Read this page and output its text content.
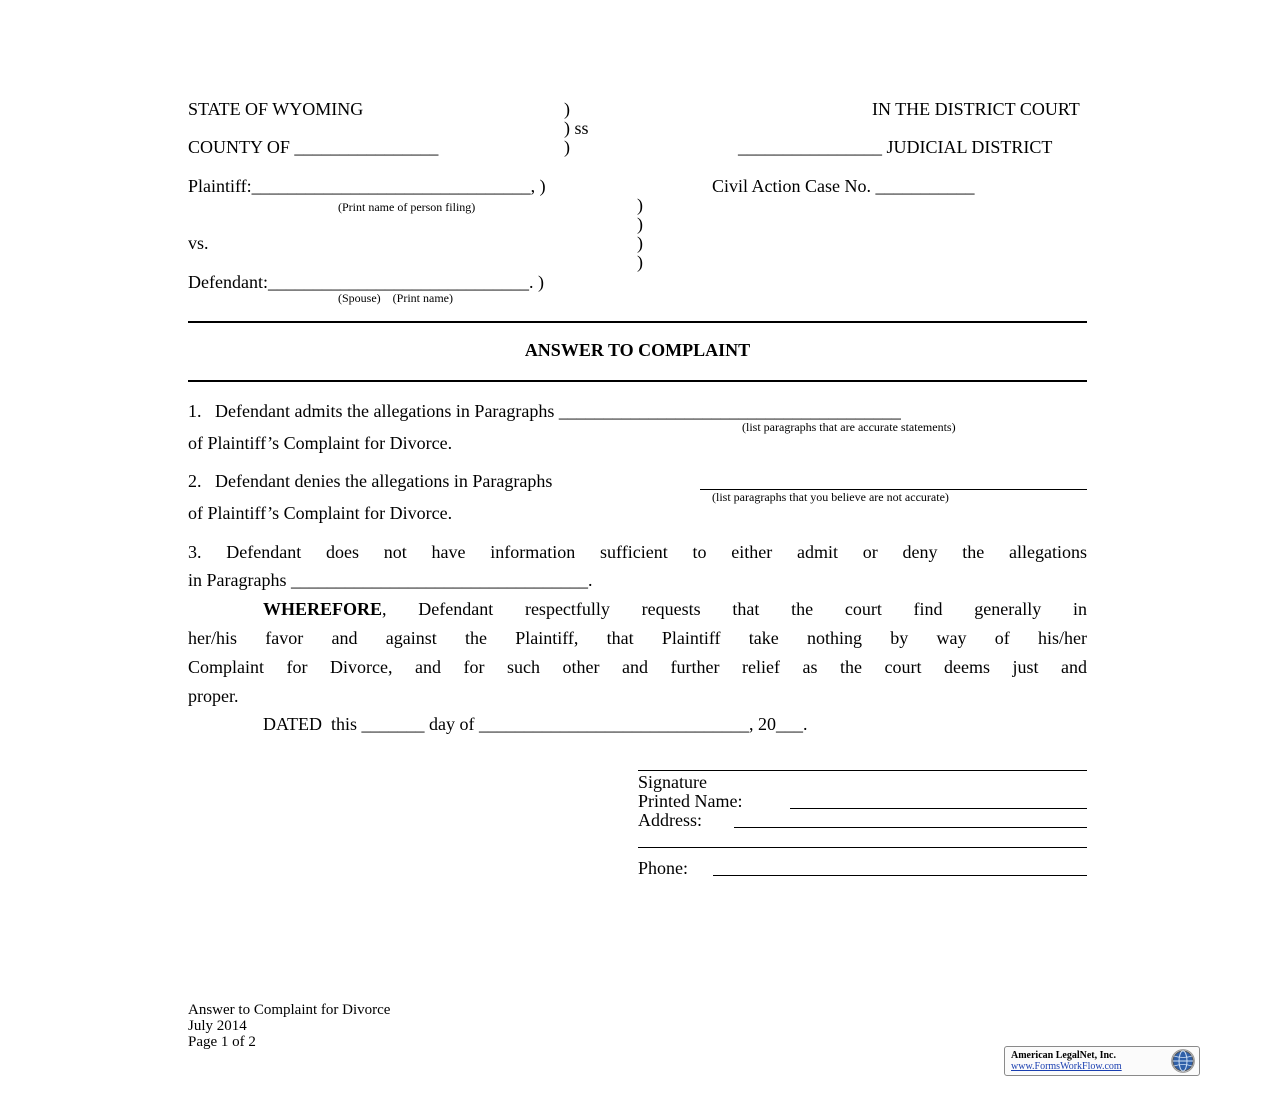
STATE OF WYOMING	)
) ss
COUNTY OF ________________	)
IN THE DISTRICT COURT
________________ JUDICIAL DISTRICT
Plaintiff:_______________________________, )
(Print name of person filing)	)
)
vs.	)
)
Defendant:_____________________________. )
(Spouse)    (Print name)
Civil Action Case No. ___________
ANSWER TO COMPLAINT
1.   Defendant admits the allegations in Paragraphs ______________________________________
(list paragraphs that are accurate statements)
of Plaintiff’s Complaint for Divorce.
2.   Defendant denies the allegations in Paragraphs
(list paragraphs that you believe are not accurate)
of Plaintiff’s Complaint for Divorce.
3. Defendant does not have information sufficient to either admit or deny the allegations
in Paragraphs _________________________________.
WHEREFORE, Defendant respectfully requests that the court find generally in
her/his favor and against the Plaintiff, that Plaintiff take nothing by way of his/her
Complaint for Divorce, and for such other and further relief as the court deems just and
proper.
DATED  this _______ day of ______________________________, 20___.
Signature
Printed Name:
Address:
Phone:
Answer to Complaint for Divorce
July 2014
Page 1 of 2
American LegalNet, Inc.
www.FormsWorkFlow.com
